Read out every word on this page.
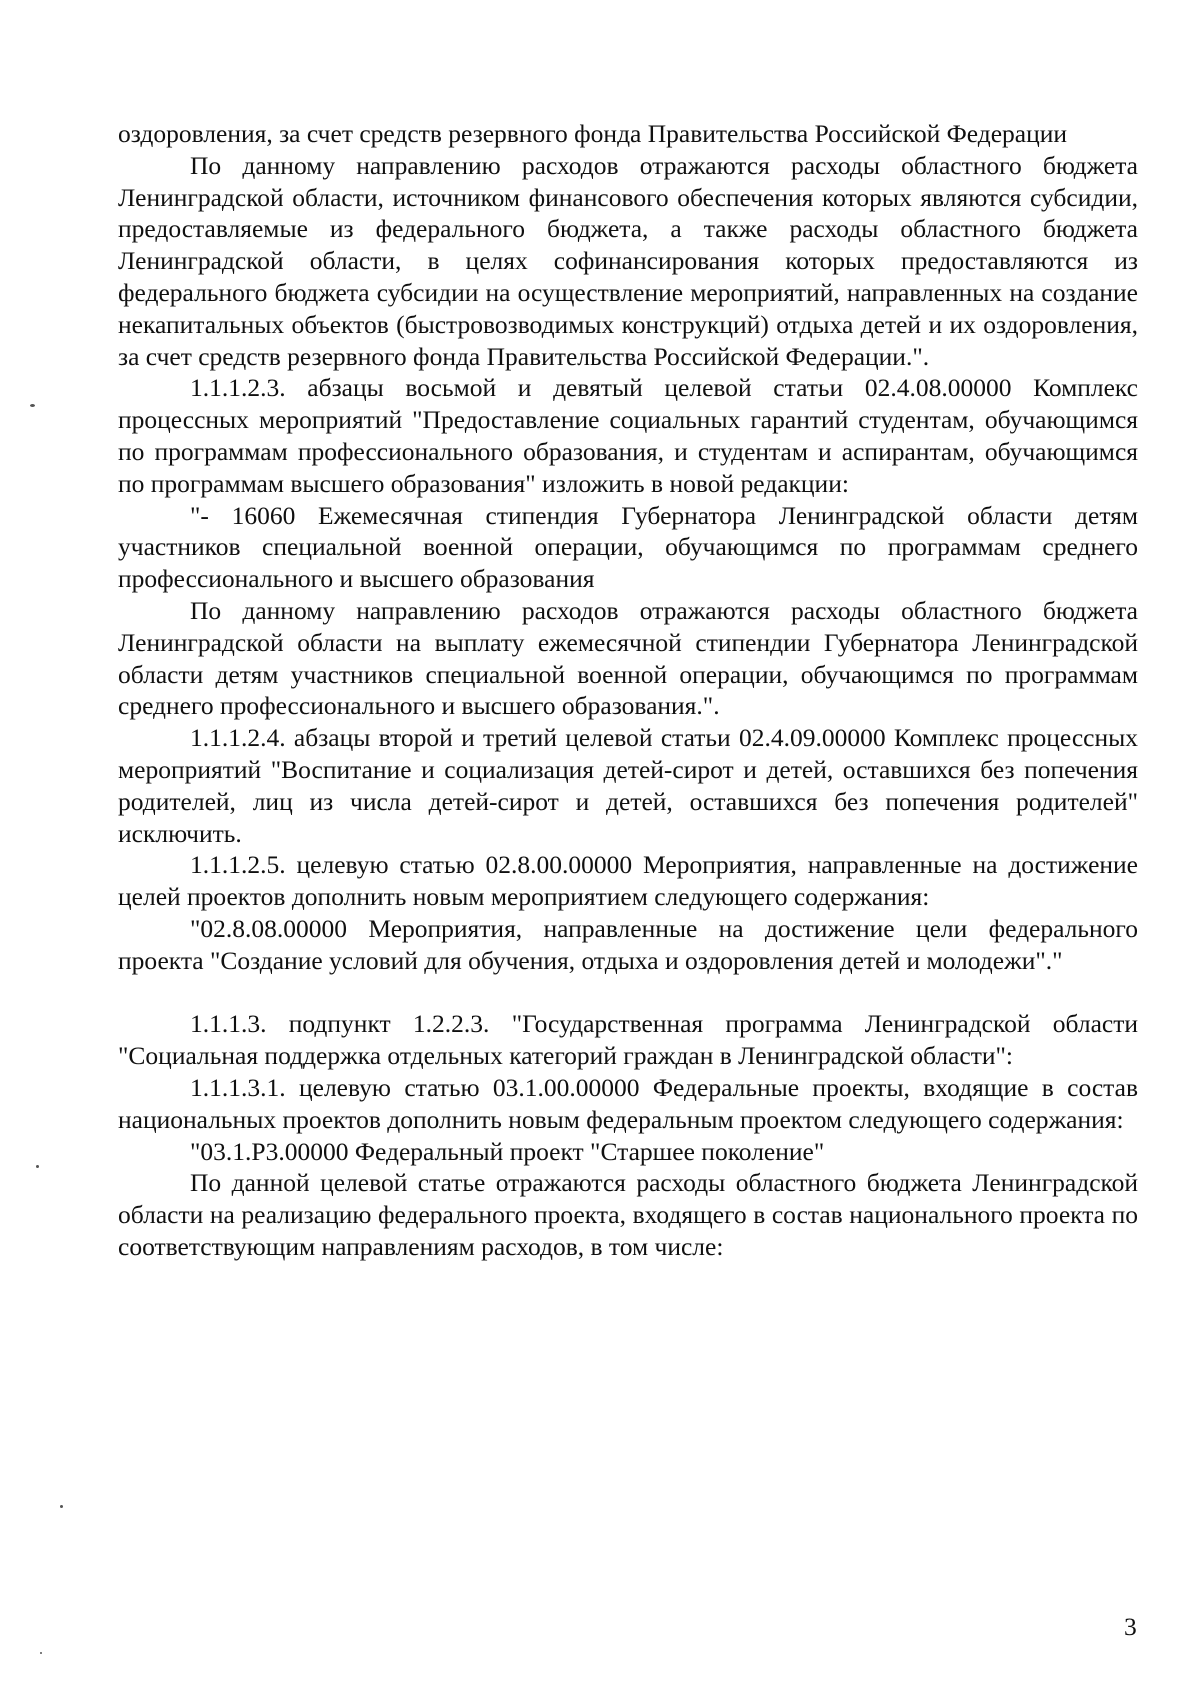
оздоровления, за счет средств резервного фонда Правительства Российской Федерации

По данному направлению расходов отражаются расходы областного бюджета Ленинградской области, источником финансового обеспечения которых являются субсидии, предоставляемые из федерального бюджета, а также расходы областного бюджета Ленинградской области, в целях софинансирования которых предоставляются из федерального бюджета субсидии на осуществление мероприятий, направленных на создание некапитальных объектов (быстровозводимых конструкций) отдыха детей и их оздоровления, за счет средств резервного фонда Правительства Российской Федерации.".

1.1.1.2.3. абзацы восьмой и девятый целевой статьи 02.4.08.00000 Комплекс процессных мероприятий "Предоставление социальных гарантий студентам, обучающимся по программам профессионального образования, и студентам и аспирантам, обучающимся по программам высшего образования" изложить в новой редакции:

"- 16060 Ежемесячная стипендия Губернатора Ленинградской области детям участников специальной военной операции, обучающимся по программам среднего профессионального и высшего образования

По данному направлению расходов отражаются расходы областного бюджета Ленинградской области на выплату ежемесячной стипендии Губернатора Ленинградской области детям участников специальной военной операции, обучающимся по программам среднего профессионального и высшего образования.".

1.1.1.2.4. абзацы второй и третий целевой статьи 02.4.09.00000 Комплекс процессных мероприятий "Воспитание и социализация детей-сирот и детей, оставшихся без попечения родителей, лиц из числа детей-сирот и детей, оставшихся без попечения родителей" исключить.

1.1.1.2.5. целевую статью 02.8.00.00000 Мероприятия, направленные на достижение целей проектов дополнить новым мероприятием следующего содержания:

"02.8.08.00000 Мероприятия, направленные на достижение цели федерального проекта "Создание условий для обучения, отдыха и оздоровления детей и молодежи"."

1.1.1.3. подпункт 1.2.2.3. "Государственная программа Ленинградской области "Социальная поддержка отдельных категорий граждан в Ленинградской области":

1.1.1.3.1. целевую статью 03.1.00.00000 Федеральные проекты, входящие в состав национальных проектов дополнить новым федеральным проектом следующего содержания:

"03.1.Р3.00000 Федеральный проект "Старшее поколение"

По данной целевой статье отражаются расходы областного бюджета Ленинградской области на реализацию федерального проекта, входящего в состав национального проекта по соответствующим направлениям расходов, в том числе:

3
